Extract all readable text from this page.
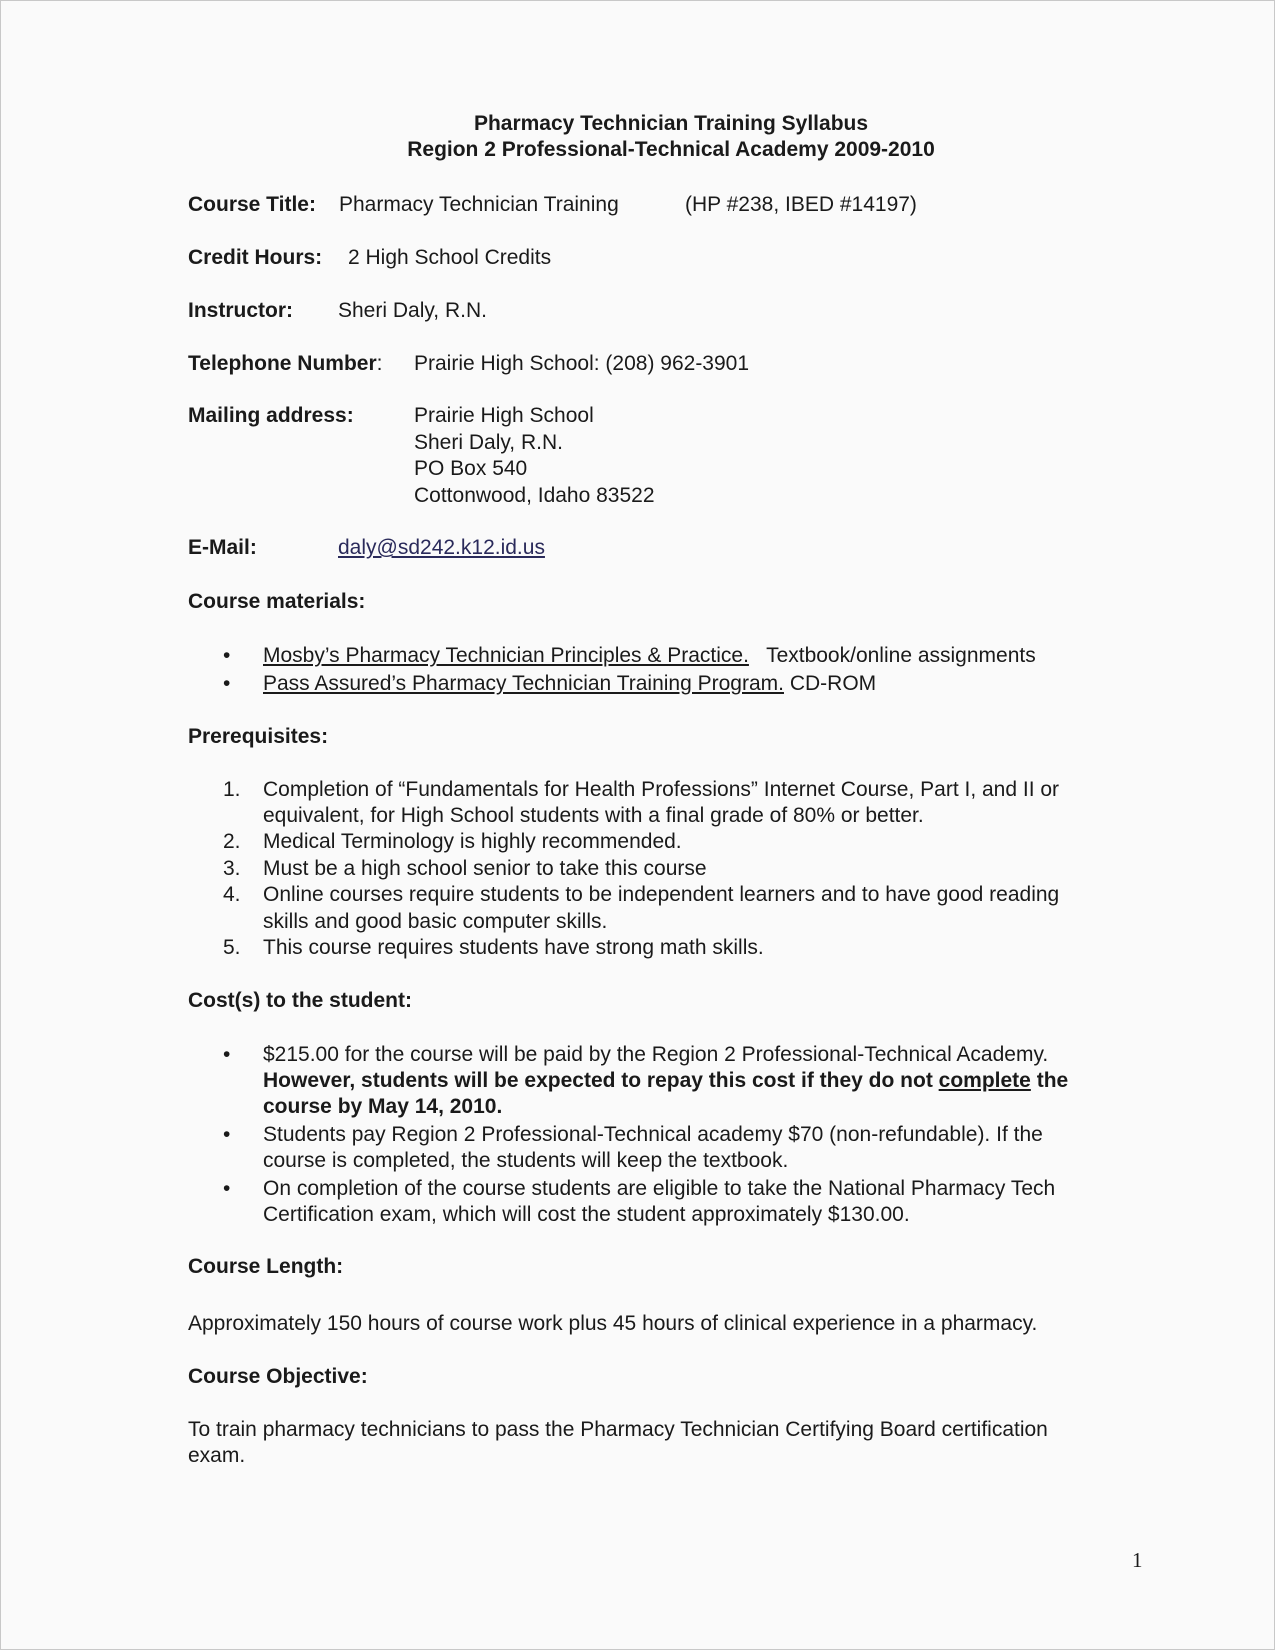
Pharmacy Technician Training Syllabus
Region 2 Professional-Technical Academy 2009-2010
Course Title: Pharmacy Technician Training	(HP #238, IBED #14197)
Credit Hours: 2 High School Credits
Instructor: Sheri Daly, R.N.
Telephone Number: Prairie High School: (208) 962-3901
Mailing address:	Prairie High School
Sheri Daly, R.N.
PO Box 540
Cottonwood, Idaho 83522
E-Mail:	daly@sd242.k12.id.us
Course materials:
• Mosby’s Pharmacy Technician Principles & Practice. Textbook/online assignments
• Pass Assured’s Pharmacy Technician Training Program. CD-ROM
Prerequisites:
1. Completion of “Fundamentals for Health Professions” Internet Course, Part I, and II or
equivalent, for High School students with a final grade of 80% or better.
2. Medical Terminology is highly recommended.
3. Must be a high school senior to take this course
4. Online courses require students to be independent learners and to have good reading
skills and good basic computer skills.
5. This course requires students have strong math skills.
Cost(s) to the student:
• $215.00 for the course will be paid by the Region 2 Professional-Technical Academy.
However, students will be expected to repay this cost if they do not complete the
course by May 14, 2010.
• Students pay Region 2 Professional-Technical academy $70 (non-refundable). If the
course is completed, the students will keep the textbook.
• On completion of the course students are eligible to take the National Pharmacy Tech
Certification exam, which will cost the student approximately $130.00.
Course Length:
Approximately 150 hours of course work plus 45 hours of clinical experience in a pharmacy.
Course Objective:
To train pharmacy technicians to pass the Pharmacy Technician Certifying Board certification
exam.
1
